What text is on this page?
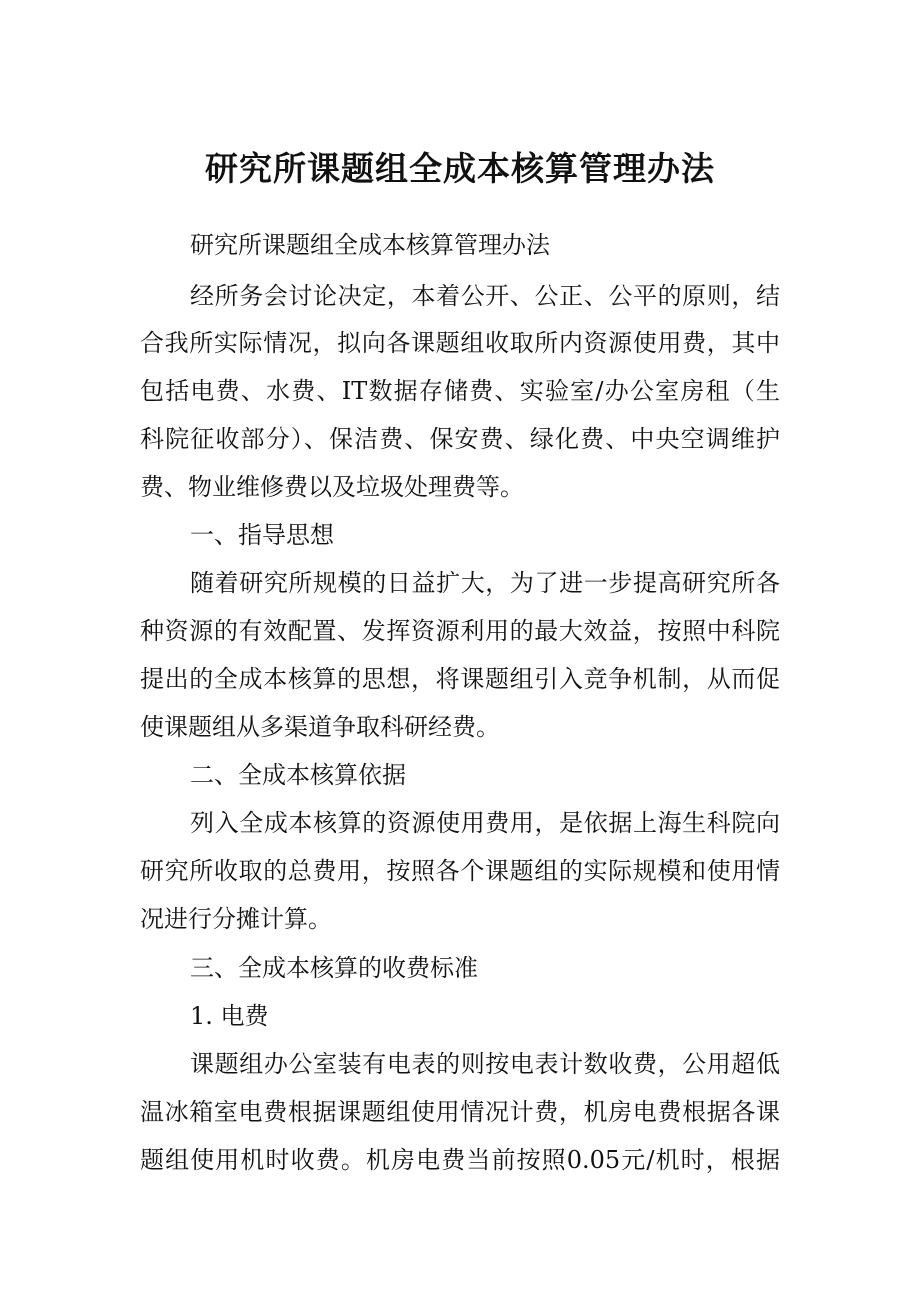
研究所课题组全成本核算管理办法
研究所课题组全成本核算管理办法
经所务会讨论决定，本着公开、公正、公平的原则，结
合我所实际情况，拟向各课题组收取所内资源使用费，其中
包括电费、水费、IT数据存储费、实验室/办公室房租（生
科院征收部分）、保洁费、保安费、绿化费、中央空调维护
费、物业维修费以及垃圾处理费等。
一、指导思想
随着研究所规模的日益扩大，为了进一步提高研究所各
种资源的有效配置、发挥资源利用的最大效益，按照中科院
提出的全成本核算的思想，将课题组引入竞争机制，从而促
使课题组从多渠道争取科研经费。
二、全成本核算依据
列入全成本核算的资源使用费用，是依据上海生科院向
研究所收取的总费用，按照各个课题组的实际规模和使用情
况进行分摊计算。
三、全成本核算的收费标准
1. 电费
课题组办公室装有电表的则按电表计数收费，公用超低
温冰箱室电费根据课题组使用情况计费，机房电费根据各课
题组使用机时收费。机房电费当前按照0.05元/机时，根据
